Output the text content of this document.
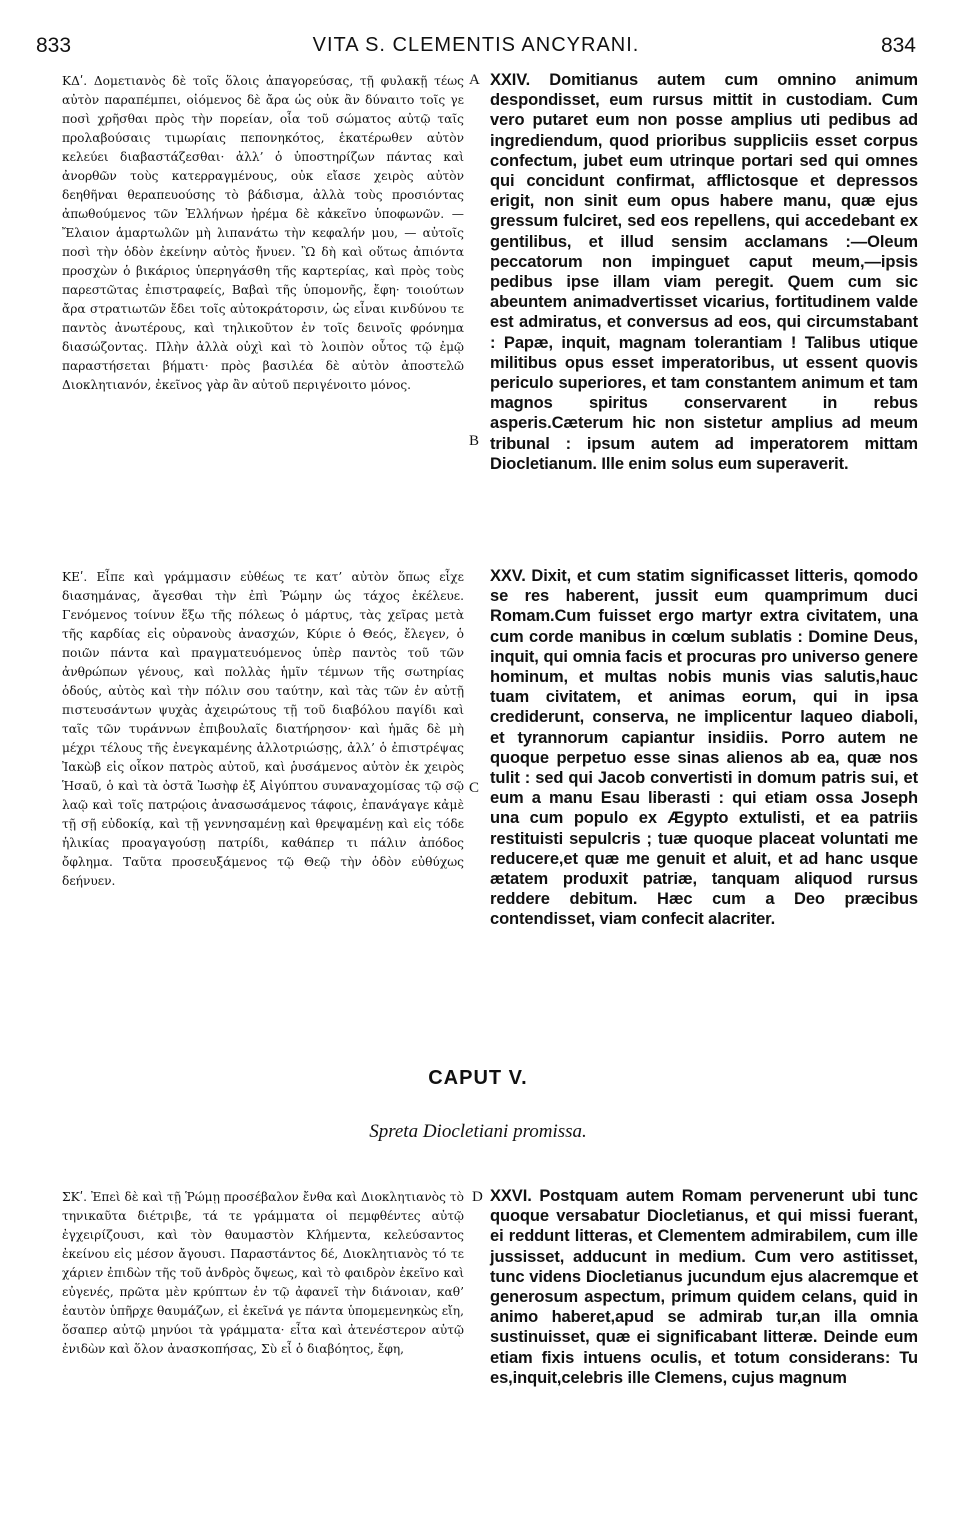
833	VITA S. CLEMENTIS ANCYRANI.	834

ΚΔʹ. Δομετιανὸς δὲ τοῖς ὅλοις ἀπαγορεύσας, τῇ φυλακῇ τέως αὐτὸν παραπέμπει, οἰόμενος δὲ ἄρα ὡς οὐκ ἂν δύναιτο τοῖς γε ποσὶ χρῆσθαι πρὸς τὴν πορείαν, οἷα τοῦ σώματος αὐτῷ ταῖς προλαβούσαις τιμωρίαις πεπονηκότος, ἑκατέρωθεν αὐτὸν κελεύει διαβαστάζεσθαι· ἀλλ’ ὁ ὑποστηρίζων πάντας καὶ ἀνορθῶν τοὺς κατερραγμένους, οὐκ εἴασε χειρὸς αὐτὸν δεηθῆναι θεραπευούσης τὸ βάδισμα, ἀλλὰ τοὺς προσιόντας ἀπωθούμενος τῶν Ἑλλήνων ἠρέμα δὲ κἀκεῖνο ὑποφωνῶν. — Ἔλαιον ἁμαρτωλῶν μὴ λιπανάτω τὴν κεφαλήν μου, — αὐτοῖς ποσὶ τὴν ὁδὸν ἐκείνην αὐτὸς ἤνυεν. Ὢ δὴ καὶ οὕτως ἀπιόντα προσχὼν ὁ βικάριος ὑπερηγάσθη τῆς καρτερίας, καὶ πρὸς τοὺς παρεστῶτας ἐπιστραφείς, Βαβαὶ τῆς ὑπομονῆς, ἔφη· τοιούτων ἄρα στρατιωτῶν ἔδει τοῖς αὐτοκράτορσιν, ὡς εἶναι κινδύνου τε παντὸς ἀνωτέρους, καὶ τηλικοῦτον ἐν τοῖς δεινοῖς φρόνημα διασώζοντας. Πλὴν ἀλλὰ οὐχὶ καὶ τὸ λοιπὸν οὗτος τῷ ἐμῷ παραστήσεται βήματι· πρὸς βασιλέα δὲ αὐτὸν ἀποστελῶ Διοκλητιανόν, ἐκεῖνος γὰρ ἂν αὐτοῦ περιγένοιτο μόνος.

XXIV. Domitianus autem cum omnino animum despondisset, eum rursus mittit in custodiam. Cum vero putaret eum non posse amplius uti pedibus ad ingrediendum, quod prioribus suppliciis esset corpus confectum, jubet eum utrinque portari sed qui omnes qui concidunt confirmat, afflictosque et depressos erigit, non sinit eum opus habere manu, quæ ejus gressum fulciret, sed eos repellens, qui accedebant ex gentilibus, et illud sensim acclamans :—Oleum peccatorum non impinguet caput meum,—ipsis pedibus ipse illam viam peregit. Quem cum sic abeuntem animadvertisset vicarius, fortitudinem valde est admiratus, et conversus ad eos, qui circumstabant : Papæ, inquit, magnam tolerantiam ! Talibus utique militibus opus esset imperatoribus, ut essent quovis periculo superiores, et tam constantem animum et tam magnos spiritus conservarent in rebus asperis.Cæterum hic non sistetur amplius ad meum tribunal : ipsum autem ad imperatorem mittam Diocletianum. Ille enim solus eum superaverit.

ΚΕʹ. Εἶπε καὶ γράμμασιν εὐθέως τε κατ’ αὐτὸν ὅπως εἶχε διασημάνας, ἄγεσθαι τὴν ἐπὶ Ῥώμην ὡς τάχος ἐκέλευε. Γενόμενος τοίνυν ἔξω τῆς πόλεως ὁ μάρτυς, τὰς χεῖρας μετὰ τῆς καρδίας εἰς οὐρανοὺς ἀνασχών, Κύριε ὁ Θεός, ἔλεγεν, ὁ ποιῶν πάντα καὶ πραγματευόμενος ὑπὲρ παντὸς τοῦ τῶν ἀνθρώπων γένους, καὶ πολλὰς ἡμῖν τέμνων τῆς σωτηρίας ὁδούς, αὐτὸς καὶ τὴν πόλιν σου ταύτην, καὶ τὰς τῶν ἐν αὐτῇ πιστευσάντων ψυχὰς ἀχειρώτους τῇ τοῦ διαβόλου παγίδι καὶ ταῖς τῶν τυράννων ἐπιβουλαῖς διατήρησον· καὶ ἡμᾶς δὲ μὴ μέχρι τέλους τῆς ἐνεγκαμένης ἀλλοτριώσῃς, ἀλλ’ ὁ ἐπιστρέψας Ἰακὼβ εἰς οἶκον πατρὸς αὐτοῦ, καὶ ῥυσάμενος αὐτὸν ἐκ χειρὸς Ἡσαῦ, ὁ καὶ τὰ ὀστᾶ Ἰωσὴφ ἐξ Αἰγύπτου συναναχομίσας τῷ σῷ λαῷ καὶ τοῖς πατρῴοις ἀνασωσάμενος τάφοις, ἐπανάγαγε κἀμὲ τῇ σῇ εὐδοκίᾳ, καὶ τῇ γεννησαμένῃ καὶ θρεψαμένῃ καὶ εἰς τόδε ἡλικίας προαγαγούσῃ πατρίδι, καθάπερ τι πάλιν ἀπόδος ὄφλημα. Ταῦτα προσευξάμενος τῷ Θεῷ τὴν ὁδὸν εὐθύχως δεήνυεν.

XXV. Dixit, et cum statim significasset litteris, qomodo se res haberent, jussit eum quamprimum duci Romam.Cum fuisset ergo martyr extra civitatem, una cum corde manibus in cœlum sublatis : Domine Deus, inquit, qui omnia facis et procuras pro universo genere hominum, et multas nobis munis vias salutis,hauc tuam civitatem, et animas eorum, qui in ipsa crediderunt, conserva, ne implicentur laqueo diaboli, et tyrannorum capiantur insidiis. Porro autem ne quoque perpetuo esse sinas alienos ab ea, quæ nos tulit : sed qui Jacob convertisti in domum patris sui, et eum a manu Esau liberasti : qui etiam ossa Joseph una cum populo ex Ægypto extulisti, et ea patriis restituisti sepulcris ; tuæ quoque placeat voluntati me reducere,et quæ me genuit et aluit, et ad hanc usque ætatem produxit patriæ, tanquam aliquod rursus reddere debitum. Hæc cum a Deo præcibus contendisset, viam confecit alacriter.

CAPUT V.
Spreta Diocletiani promissa.

ΣΚʹ. Ἐπεὶ δὲ καὶ τῇ Ῥώμῃ προσέβαλον ἔνθα καὶ Διοκλητιανὸς τὸ τηνικαῦτα διέτριβε, τά τε γράμματα οἱ πεμφθέντες αὐτῷ ἐγχειρίζουσι, καὶ τὸν θαυμαστὸν Κλήμεντα, κελεύσαντος ἐκείνου εἰς μέσον ἄγουσι. Παραστάντος δέ, Διοκλητιανὸς τό τε χάριεν ἐπιδὼν τῆς τοῦ ἀνδρὸς ὄψεως, καὶ τὸ φαιδρὸν ἐκεῖνο καὶ εὐγενές, πρῶτα μὲν κρύπτων ἐν τῷ ἀφανεῖ τὴν διάνοιαν, καθ’ ἑαυτὸν ὑπῆρχε θαυμάζων, εἰ ἐκεῖνά γε πάντα ὑπομεμενηκὼς εἴη, ὅσαπερ αὐτῷ μηνύοι τὰ γράμματα· εἶτα καὶ ἀτενέστερον αὐτῷ ἐνιδὼν καὶ ὅλον ἀνασκοπήσας, Σὺ εἶ ὁ διαβόητος, ἔφη,

XXVI. Postquam autem Romam pervenerunt ubi tunc quoque versabatur Diocletianus, et qui missi fuerant, ei reddunt litteras, et Clementem admirabilem, cum ille jussisset, adducunt in medium. Cum vero astitisset, tunc videns Diocletianus jucundum ejus alacremque et generosum aspectum, primum quidem celans, quid in animo haberet,apud se admirab tur,an illa omnia sustinuisset, quæ ei significabant litteræ. Deinde eum etiam fixis intuens oculis, et totum considerans: Tu es,inquit,celebris ille Clemens, cujus magnum

A
B
C
D
